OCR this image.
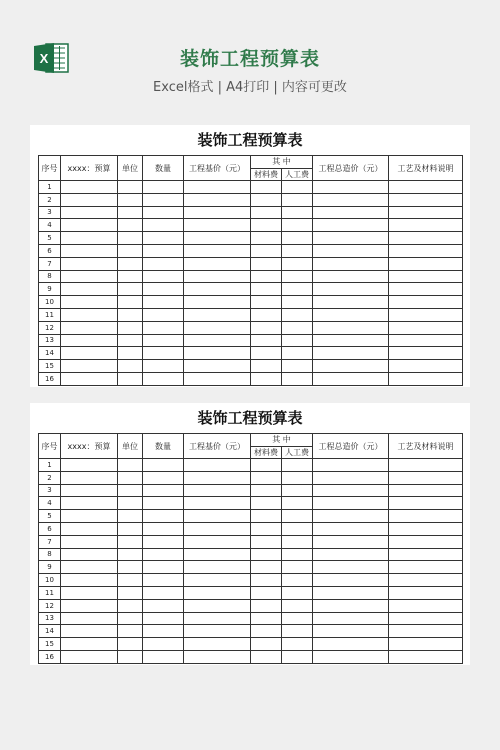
X	装饰工程预算表
Excel格式 | A4打印 | 内容可更改
装饰工程预算表
序号	xxxx：预算	单位	数量	工程基价（元）	其 中		工程总造价（元）	工艺及材料说明
					材料费	人工费		
1								
2								
3								
4								
5								
6								
7								
8								
9								
10								
11								
12								
13								
14								
15								
16								
装饰工程预算表
序号	xxxx：预算	单位	数量	工程基价（元）	其 中		工程总造价（元）	工艺及材料说明
					材料费	人工费		
1								
2								
3								
4								
5								
6								
7								
8								
9								
10								
11								
12								
13								
14								
15								
16								
